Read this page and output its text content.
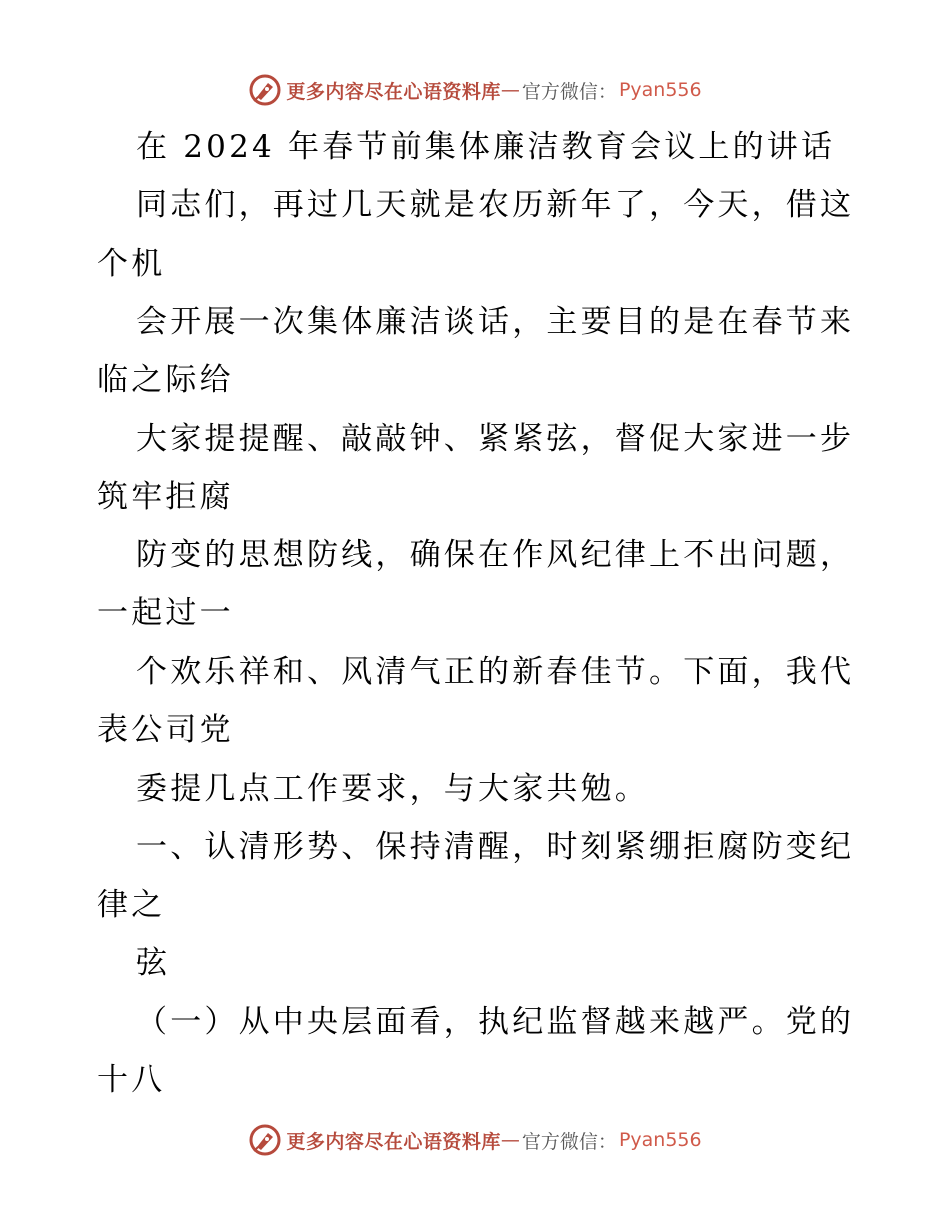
更多内容尽在心语资料库 — 官方微信： Pyan556
在 2024 年春节前集体廉洁教育会议上的讲话
同志们，再过几天就是农历新年了，今天，借这
个机
会开展一次集体廉洁谈话，主要目的是在春节来
临之际给
大家提提醒、敲敲钟、紧紧弦，督促大家进一步
筑牢拒腐
防变的思想防线，确保在作风纪律上不出问题，
一起过一
个欢乐祥和、风清气正的新春佳节。下面，我代
表公司党
委提几点工作要求，与大家共勉。
一、认清形势、保持清醒，时刻紧绷拒腐防变纪
律之
弦
（一）从中央层面看，执纪监督越来越严。党的
十八
更多内容尽在心语资料库 — 官方微信： Pyan556
